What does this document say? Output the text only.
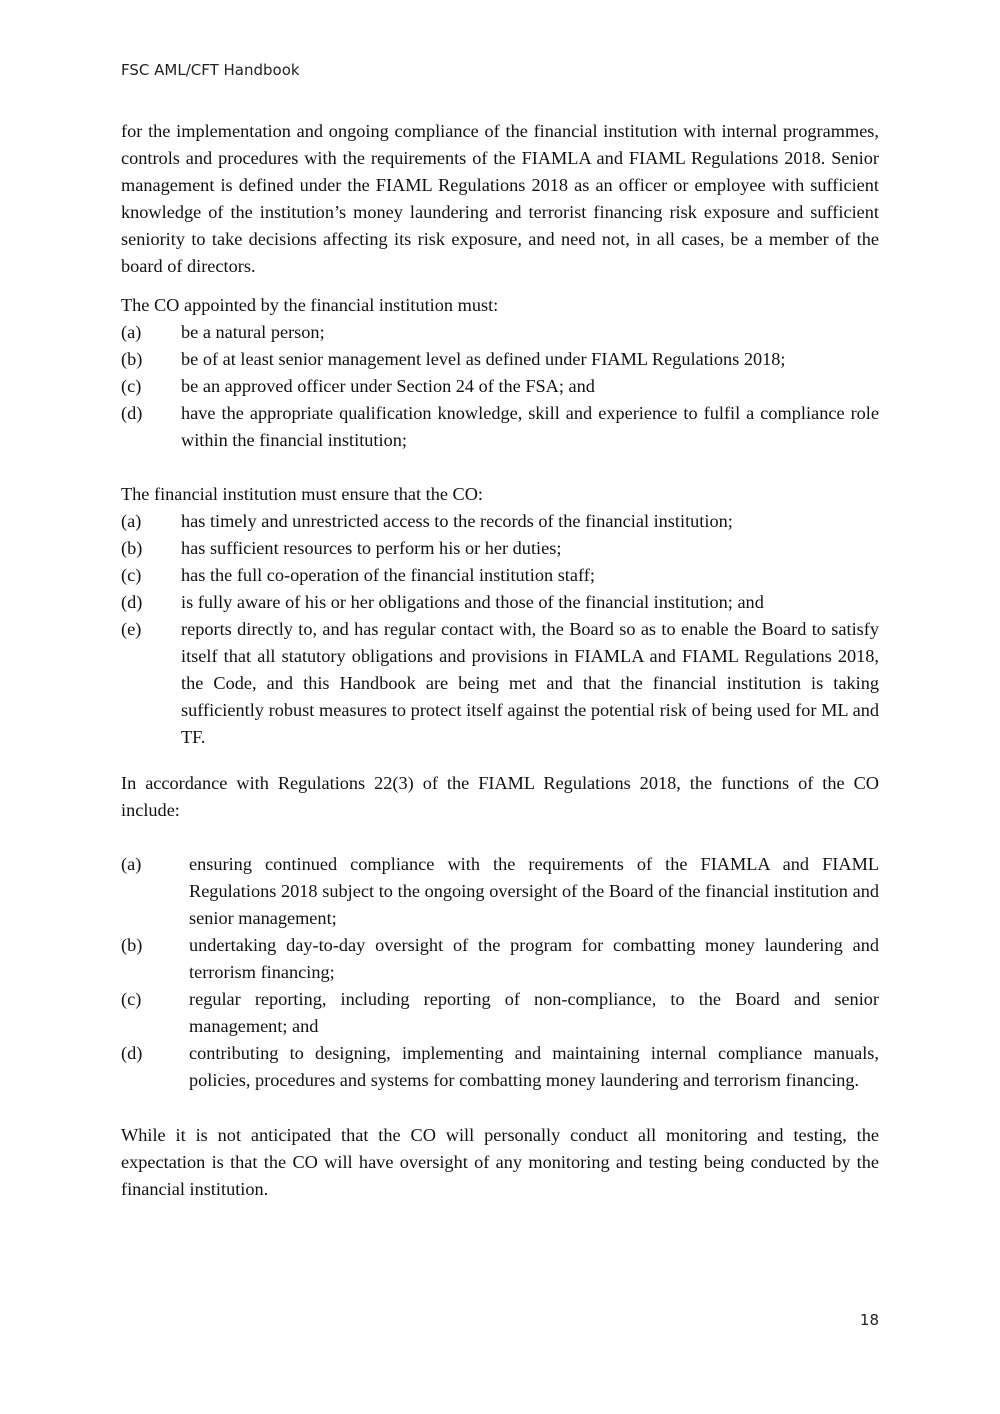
FSC AML/CFT Handbook

for the implementation and ongoing compliance of the financial institution with internal programmes, controls and procedures with the requirements of the FIAMLA and FIAML Regulations 2018. Senior management is defined under the FIAML Regulations 2018 as an officer or employee with sufficient knowledge of the institution’s money laundering and terrorist financing risk exposure and sufficient seniority to take decisions affecting its risk exposure, and need not, in all cases, be a member of the board of directors.

The CO appointed by the financial institution must:

(a)	be a natural person;
(b)	be of at least senior management level as defined under FIAML Regulations 2018;
(c)	be an approved officer under Section 24 of the FSA; and
(d)	have the appropriate qualification knowledge, skill and experience to fulfil a compliance role within the financial institution;

The financial institution must ensure that the CO:

(a)	has timely and unrestricted access to the records of the financial institution;
(b)	has sufficient resources to perform his or her duties;
(c)	has the full co-operation of the financial institution staff;
(d)	is fully aware of his or her obligations and those of the financial institution; and
(e)	reports directly to, and has regular contact with, the Board so as to enable the Board to satisfy itself that all statutory obligations and provisions in FIAMLA and FIAML Regulations 2018, the Code, and this Handbook are being met and that the financial institution is taking sufficiently robust measures to protect itself against the potential risk of being used for ML and TF.

In accordance with Regulations 22(3) of the FIAML Regulations 2018, the functions of the CO include:

(a)	ensuring continued compliance with the requirements of the FIAMLA and FIAML Regulations 2018 subject to the ongoing oversight of the Board of the financial institution and senior management;
(b)	undertaking day-to-day oversight of the program for combatting money laundering and terrorism financing;
(c)	regular reporting, including reporting of non-compliance, to the Board and senior management; and
(d)	contributing to designing, implementing and maintaining internal compliance manuals, policies, procedures and systems for combatting money laundering and terrorism financing.

While it is not anticipated that the CO will personally conduct all monitoring and testing, the expectation is that the CO will have oversight of any monitoring and testing being conducted by the financial institution.

18
